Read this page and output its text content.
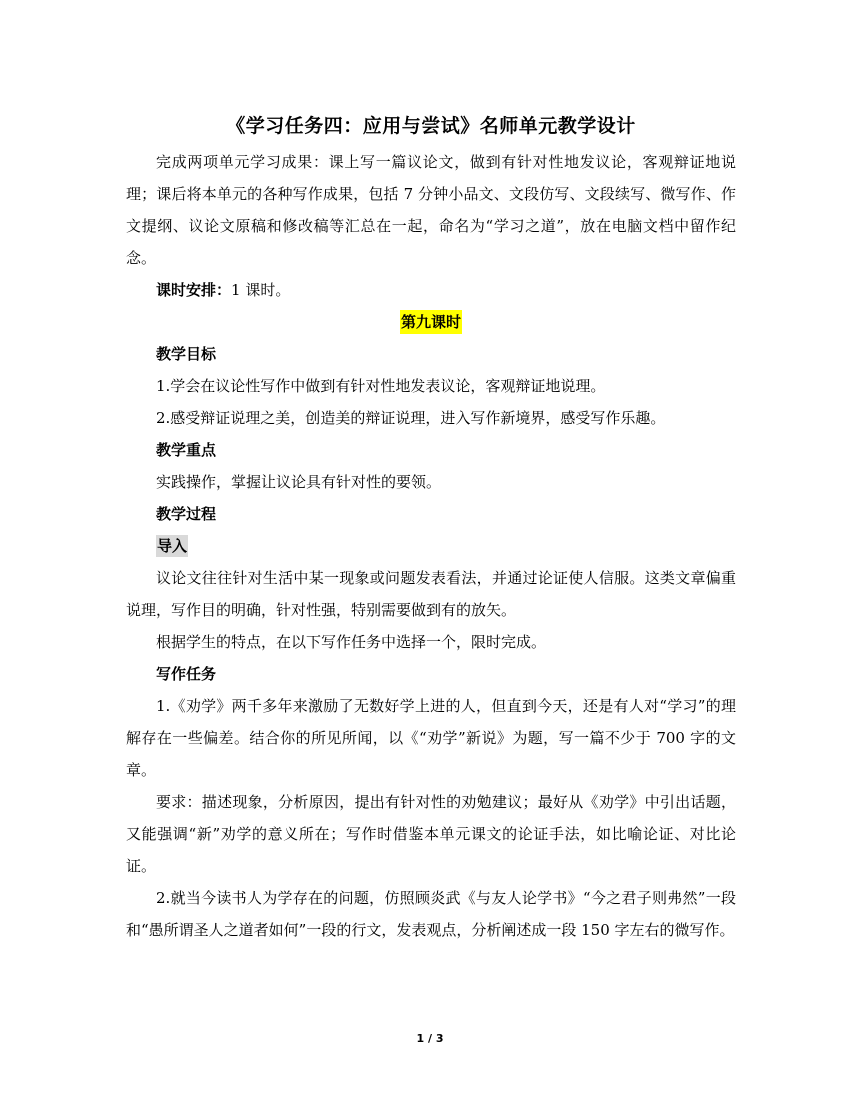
《学习任务四：应用与尝试》名师单元教学设计

完成两项单元学习成果：课上写一篇议论文，做到有针对性地发议论，客观辩证地说理；课后将本单元的各种写作成果，包括 7 分钟小品文、文段仿写、文段续写、微写作、作文提纲、议论文原稿和修改稿等汇总在一起，命名为“学习之道”，放在电脑文档中留作纪念。

课时安排：1 课时。

第九课时
教学目标

1.学会在议论性写作中做到有针对性地发表议论，客观辩证地说理。

2.感受辩证说理之美，创造美的辩证说理，进入写作新境界，感受写作乐趣。

教学重点

实践操作，掌握让议论具有针对性的要领。

教学过程
导入

议论文往往针对生活中某一现象或问题发表看法，并通过论证使人信服。这类文章偏重说理，写作目的明确，针对性强，特别需要做到有的放矢。

根据学生的特点，在以下写作任务中选择一个，限时完成。

写作任务

1.《劝学》两千多年来激励了无数好学上进的人，但直到今天，还是有人对“学习”的理解存在一些偏差。结合你的所见所闻，以《“劝学”新说》为题，写一篇不少于 700 字的文章。

要求：描述现象，分析原因，提出有针对性的劝勉建议；最好从《劝学》中引出话题，又能强调“新”劝学的意义所在；写作时借鉴本单元课文的论证手法，如比喻论证、对比论证。

2.就当今读书人为学存在的问题，仿照顾炎武《与友人论学书》“今之君子则弗然”一段和“愚所谓圣人之道者如何”一段的行文，发表观点，分析阐述成一段 150 字左右的微写作。

1 / 3
